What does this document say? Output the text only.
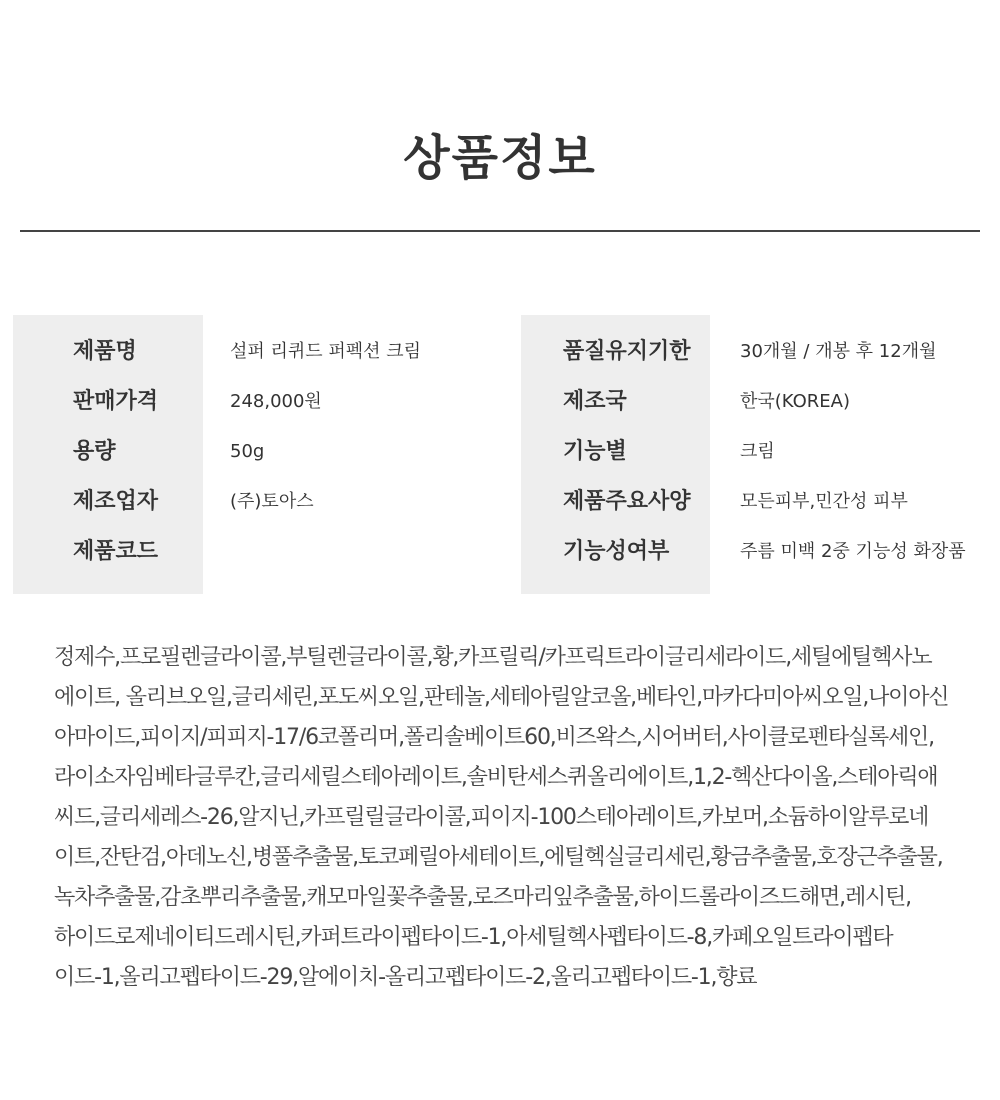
상품정보
제품명
판매가격
용량
제조업자
제품코드
설퍼 리퀴드 퍼펙션 크림
248,000원
50g
(주)토아스
품질유지기한
제조국
기능별
제품주요사양
기능성여부
30개월 / 개봉 후 12개월
한국(KOREA)
크림
모든피부,민간성 피부
주름 미백 2중 기능성 화장품
정제수,프로필렌글라이콜,부틸렌글라이콜,황,카프릴릭/카프릭트라이글리세라이드,세틸에틸헥사노
에이트, 올리브오일,글리세린,포도씨오일,판테놀,세테아릴알코올,베타인,마카다미아씨오일,나이아신
아마이드,피이지/피피지-17/6코폴리머,폴리솔베이트60,비즈왁스,시어버터,사이클로펜타실록세인,
라이소자임베타글루칸,글리세릴스테아레이트,솔비탄세스퀴올리에이트,1,2-헥산다이올,스테아릭애
씨드,글리세레스-26,알지닌,카프릴릴글라이콜,피이지-100스테아레이트,카보머,소듐하이알루로네
이트,잔탄검,아데노신,병풀추출물,토코페릴아세테이트,에틸헥실글리세린,황금추출물,호장근추출물,
녹차추출물,감초뿌리추출물,캐모마일꽃추출물,로즈마리잎추출물,하이드롤라이즈드해면,레시틴,
하이드로제네이티드레시틴,카퍼트라이펩타이드-1,아세틸헥사펩타이드-8,카페오일트라이펩타
이드-1,올리고펩타이드-29,알에이치-올리고펩타이드-2,올리고펩타이드-1,향료
